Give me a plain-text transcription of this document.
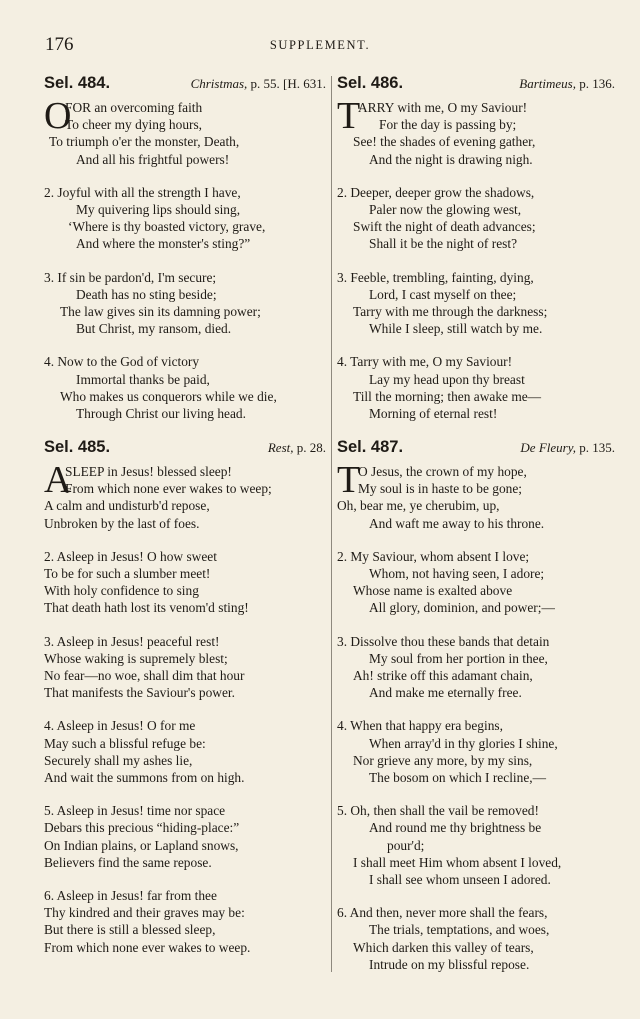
176	SUPPLEMENT.
Sel. 484.	Christmas, p. 55. [H. 631.
O
FOR an overcoming faith
To cheer my dying hours,
To triumph o'er the monster, Death,
And all his frightful powers!
2. Joyful with all the strength I have,
My quivering lips should sing,
‘Where is thy boasted victory, grave,
And where the monster's sting?”
3. If sin be pardon'd, I'm secure;
Death has no sting beside;
The law gives sin its damning power;
But Christ, my ransom, died.
4. Now to the God of victory
Immortal thanks be paid,
Who makes us conquerors while we die,
Through Christ our living head.
Sel. 485.	Rest, p. 28.
A
SLEEP in Jesus! blessed sleep!
From which none ever wakes to weep;
A calm and undisturb'd repose,
Unbroken by the last of foes.
2. Asleep in Jesus! O how sweet
To be for such a slumber meet!
With holy confidence to sing
That death hath lost its venom'd sting!
3. Asleep in Jesus! peaceful rest!
Whose waking is supremely blest;
No fear—no woe, shall dim that hour
That manifests the Saviour's power.
4. Asleep in Jesus! O for me
May such a blissful refuge be:
Securely shall my ashes lie,
And wait the summons from on high.
5. Asleep in Jesus! time nor space
Debars this precious “hiding-place:”
On Indian plains, or Lapland snows,
Believers find the same repose.
6. Asleep in Jesus! far from thee
Thy kindred and their graves may be:
But there is still a blessed sleep,
From which none ever wakes to weep.
Sel. 486.	Bartimeus, p. 136.
T
ARRY with me, O my Saviour!
For the day is passing by;
See! the shades of evening gather,
And the night is drawing nigh.
2. Deeper, deeper grow the shadows,
Paler now the glowing west,
Swift the night of death advances;
Shall it be the night of rest?
3. Feeble, trembling, fainting, dying,
Lord, I cast myself on thee;
Tarry with me through the darkness;
While I sleep, still watch by me.
4. Tarry with me, O my Saviour!
Lay my head upon thy breast
Till the morning; then awake me—
Morning of eternal rest!
Sel. 487.	De Fleury, p. 135.
T
O Jesus, the crown of my hope,
My soul is in haste to be gone;
Oh, bear me, ye cherubim, up,
And waft me away to his throne.
2. My Saviour, whom absent I love;
Whom, not having seen, I adore;
Whose name is exalted above
All glory, dominion, and power;—
3. Dissolve thou these bands that detain
My soul from her portion in thee,
Ah! strike off this adamant chain,
And make me eternally free.
4. When that happy era begins,
When array'd in thy glories I shine,
Nor grieve any more, by my sins,
The bosom on which I recline,—
5. Oh, then shall the vail be removed!
And round me thy brightness be
pour'd;
I shall meet Him whom absent I loved,
I shall see whom unseen I adored.
6. And then, never more shall the fears,
The trials, temptations, and woes,
Which darken this valley of tears,
Intrude on my blissful repose.
